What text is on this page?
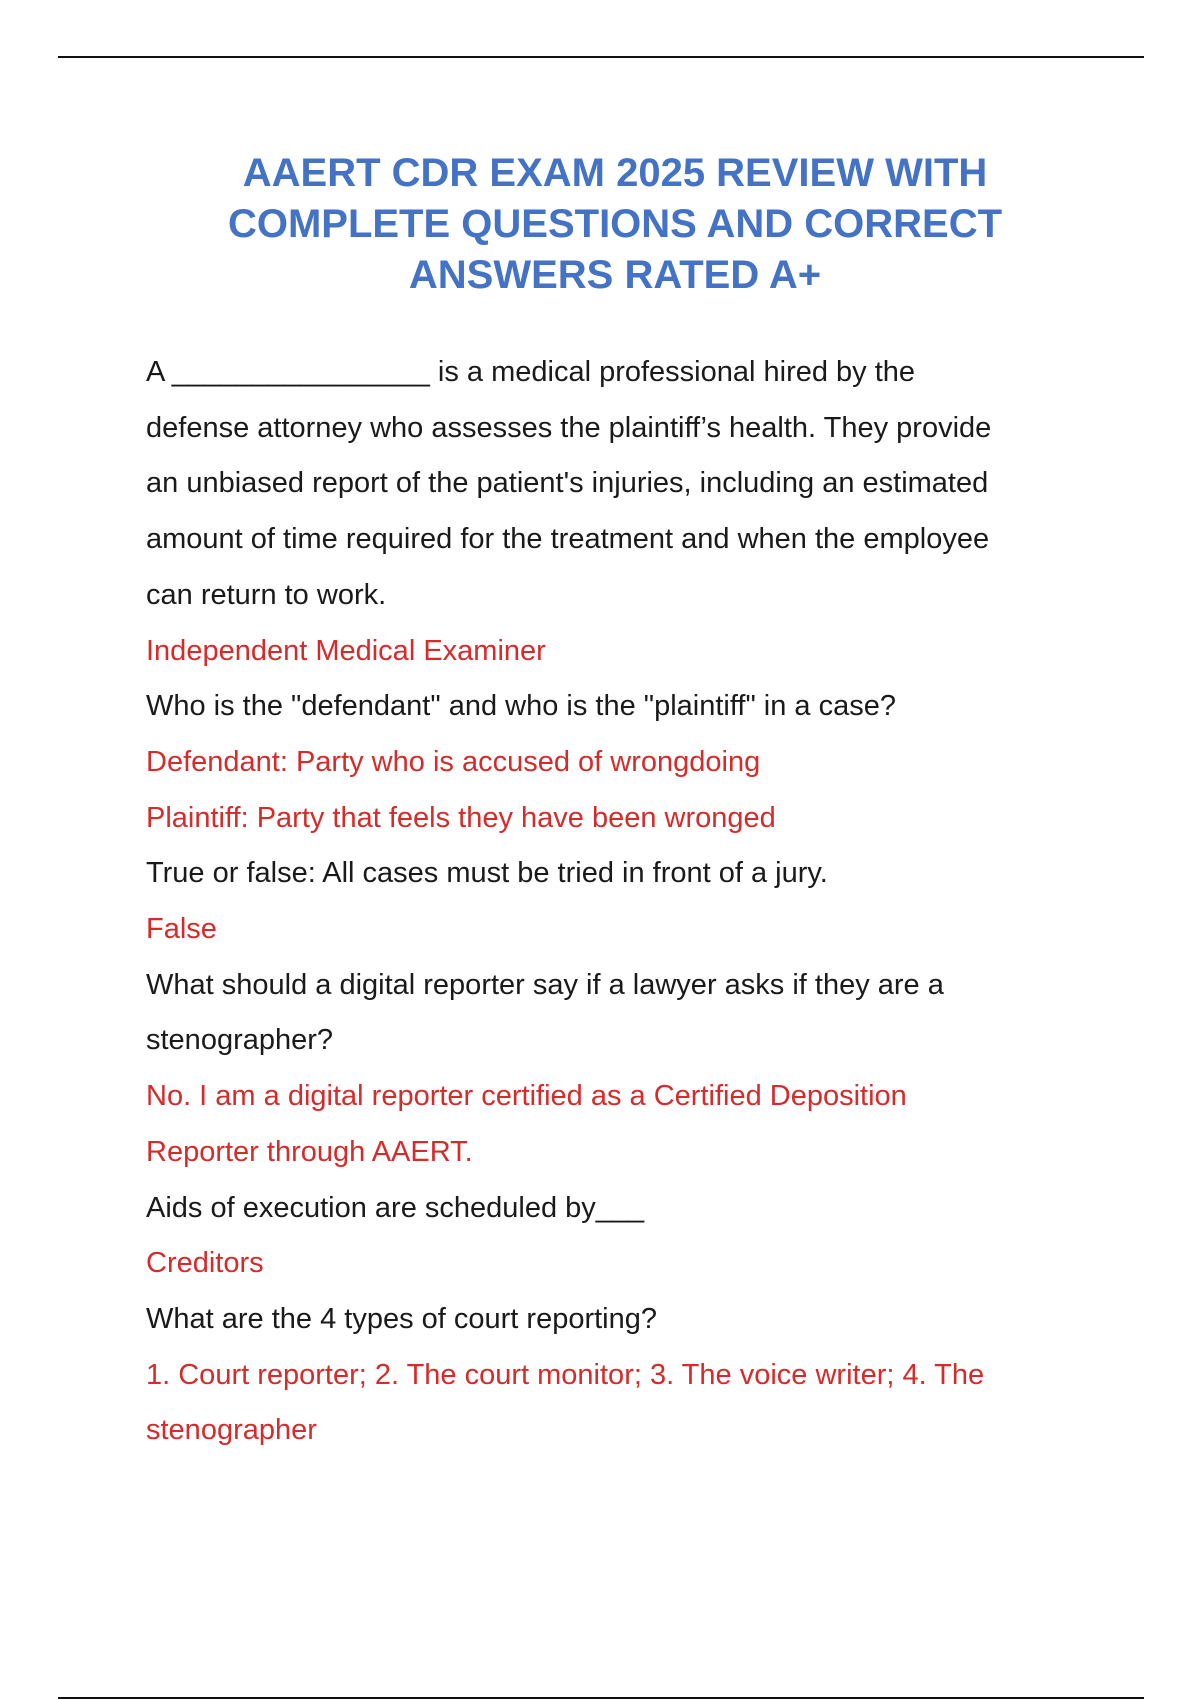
AAERT CDR EXAM 2025 REVIEW WITH
COMPLETE QUESTIONS AND CORRECT
ANSWERS RATED A+
A ________________ is a medical professional hired by the
defense attorney who assesses the plaintiff’s health. They provide
an unbiased report of the patient's injuries, including an estimated
amount of time required for the treatment and when the employee
can return to work.
Independent Medical Examiner
Who is the "defendant" and who is the "plaintiff" in a case?
Defendant: Party who is accused of wrongdoing
Plaintiff: Party that feels they have been wronged
True or false: All cases must be tried in front of a jury.
False
What should a digital reporter say if a lawyer asks if they are a
stenographer?
No. I am a digital reporter certified as a Certified Deposition
Reporter through AAERT.
Aids of execution are scheduled by___
Creditors
What are the 4 types of court reporting?
1. Court reporter; 2. The court monitor; 3. The voice writer; 4. The
stenographer
